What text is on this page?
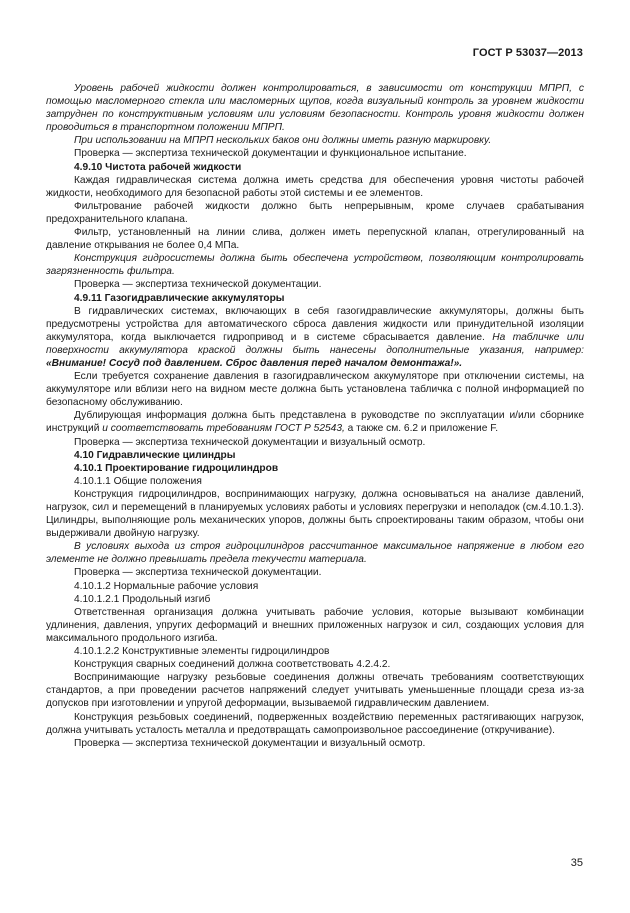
ГОСТ Р 53037—2013

Уровень рабочей жидкости должен контролироваться, в зависимости от конструкции МПРП, с помощью масломерного стекла или масломерных щупов, когда визуальный контроль за уровнем жидкости затруднен по конструктивным условиям или условиям безопасности. Контроль уровня жидкости должен проводиться в транспортном положении МПРП.

При использовании на МПРП нескольких баков они должны иметь разную маркировку.

Проверка — экспертиза технической документации и функциональное испытание.

4.9.10 Чистота рабочей жидкости

Каждая гидравлическая система должна иметь средства для обеспечения уровня чистоты рабочей жидкости, необходимого для безопасной работы этой системы и ее элементов.

Фильтрование рабочей жидкости должно быть непрерывным, кроме случаев срабатывания предохранительного клапана.

Фильтр, установленный на линии слива, должен иметь перепускной клапан, отрегулированный на давление открывания не более 0,4 МПа.

Конструкция гидросистемы должна быть обеспечена устройством, позволяющим контролировать загрязненность фильтра.

Проверка — экспертиза технической документации.

4.9.11 Газогидравлические аккумуляторы

В гидравлических системах, включающих в себя газогидравлические аккумуляторы, должны быть предусмотрены устройства для автоматического сброса давления жидкости или принудительной изоляции аккумулятора, когда выключается гидропривод и в системе сбрасывается давление. На табличке или поверхности аккумулятора краской должны быть нанесены дополнительные указания, например: «Внимание! Сосуд под давлением. Сброс давления перед началом демонтажа!».

Если требуется сохранение давления в газогидравлическом аккумуляторе при отключении системы, на аккумуляторе или вблизи него на видном месте должна быть установлена табличка с полной информацией по безопасному обслуживанию.

Дублирующая информация должна быть представлена в руководстве по эксплуатации и/или сборнике инструкций и соответствовать требованиям ГОСТ Р 52543, а также см. 6.2 и приложение F.

Проверка — экспертиза технической документации и визуальный осмотр.

4.10 Гидравлические цилиндры

4.10.1 Проектирование гидроцилиндров

4.10.1.1 Общие положения

Конструкция гидроцилиндров, воспринимающих нагрузку, должна основываться на анализе давлений, нагрузок, сил и перемещений в планируемых условиях работы и условиях перегрузки и неполадок (см.4.10.1.3). Цилиндры, выполняющие роль механических упоров, должны быть спроектированы таким образом, чтобы они выдерживали двойную нагрузку.

В условиях выхода из строя гидроцилиндров рассчитанное максимальное напряжение в любом его элементе не должно превышать предела текучести материала.

Проверка — экспертиза технической документации.

4.10.1.2 Нормальные рабочие условия

4.10.1.2.1 Продольный изгиб

Ответственная организация должна учитывать рабочие условия, которые вызывают комбинации удлинения, давления, упругих деформаций и внешних приложенных нагрузок и сил, создающих условия для максимального продольного изгиба.

4.10.1.2.2 Конструктивные элементы гидроцилиндров

Конструкция сварных соединений должна соответствовать 4.2.4.2.

Воспринимающие нагрузку резьбовые соединения должны отвечать требованиям соответствующих стандартов, а при проведении расчетов напряжений следует учитывать уменьшенные площади среза из-за допусков при изготовлении и упругой деформации, вызываемой гидравлическим давлением.

Конструкция резьбовых соединений, подверженных воздействию переменных растягивающих нагрузок, должна учитывать усталость металла и предотвращать самопроизвольное рассоединение (откручивание).

Проверка — экспертиза технической документации и визуальный осмотр.

35
